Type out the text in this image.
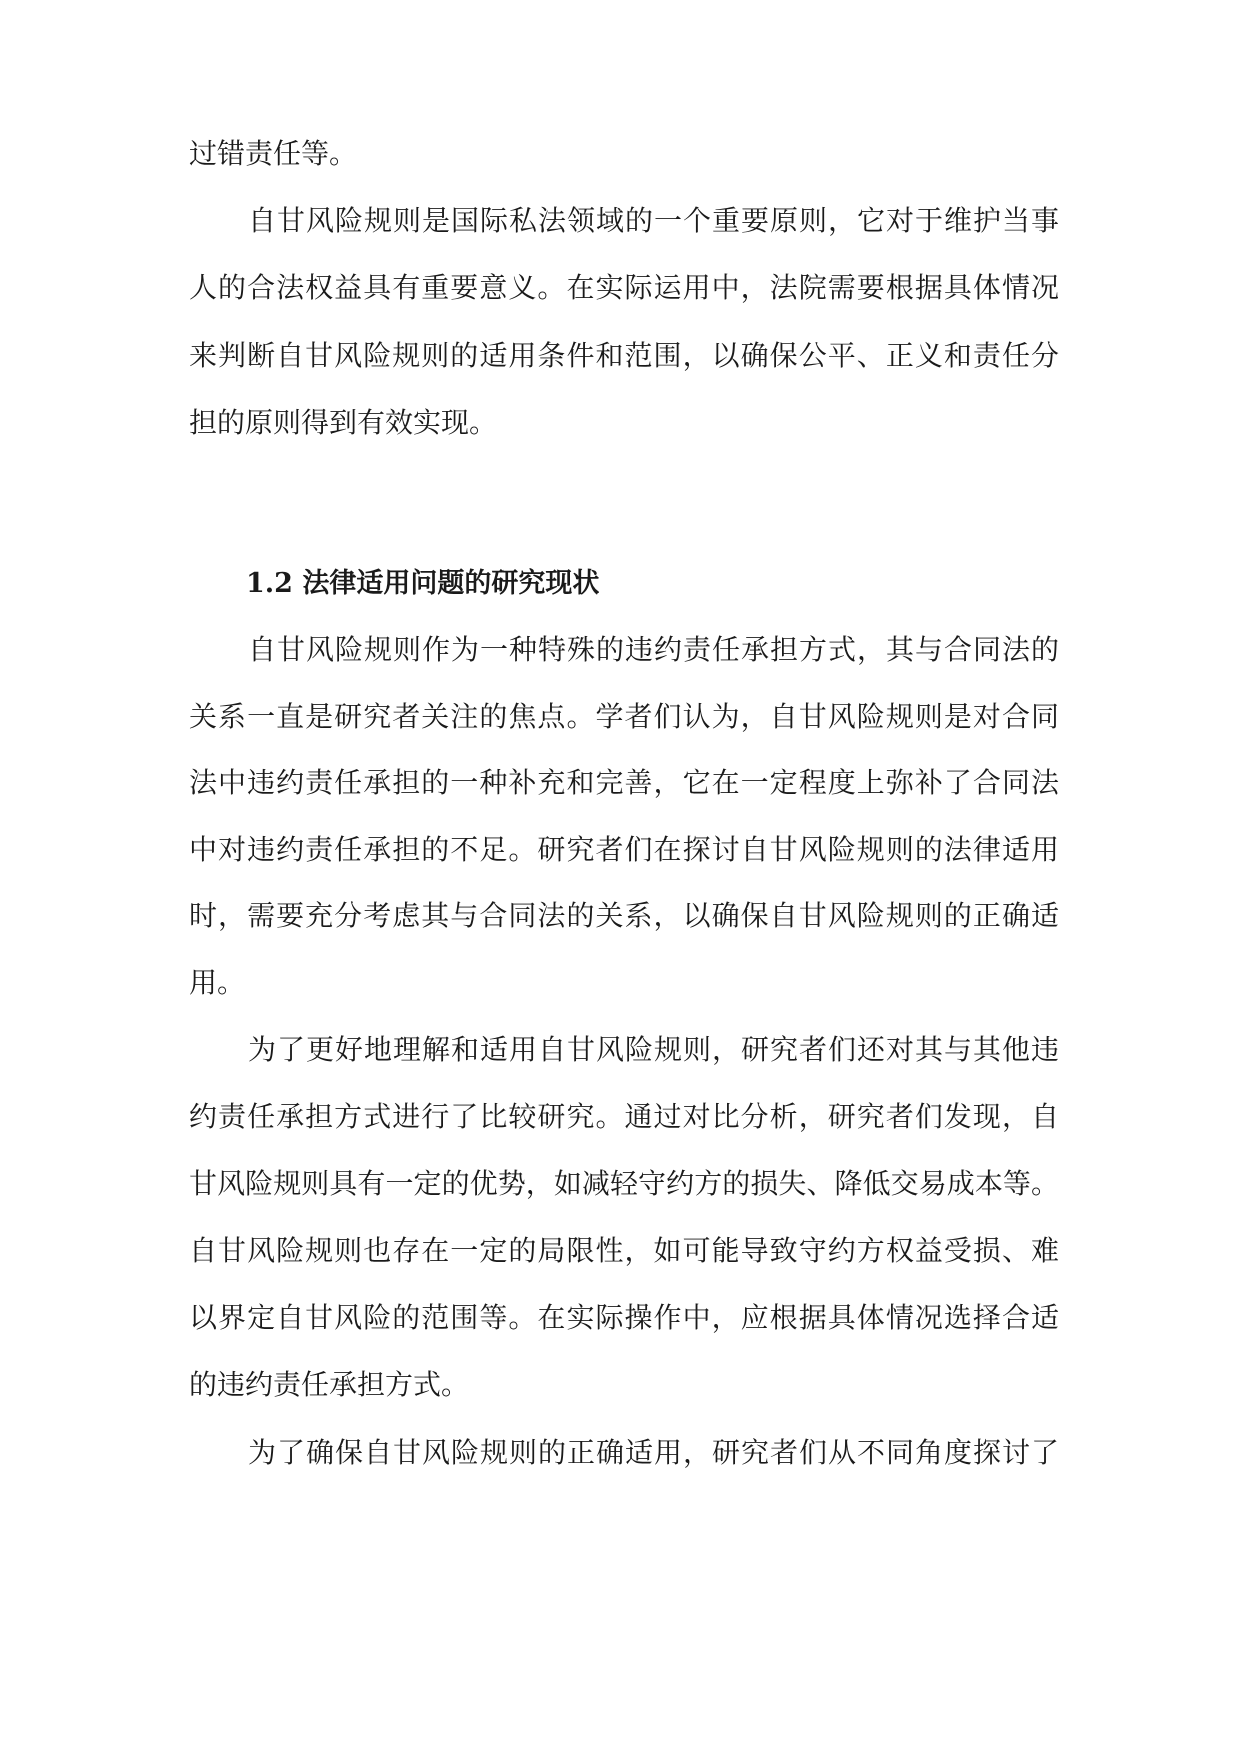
过错责任等。
自甘风险规则是国际私法领域的一个重要原则，它对于维护当事
人的合法权益具有重要意义。在实际运用中，法院需要根据具体情况
来判断自甘风险规则的适用条件和范围，以确保公平、正义和责任分
担的原则得到有效实现。
1.2 法律适用问题的研究现状
自甘风险规则作为一种特殊的违约责任承担方式，其与合同法的
关系一直是研究者关注的焦点。学者们认为，自甘风险规则是对合同
法中违约责任承担的一种补充和完善，它在一定程度上弥补了合同法
中对违约责任承担的不足。研究者们在探讨自甘风险规则的法律适用
时，需要充分考虑其与合同法的关系，以确保自甘风险规则的正确适
用。
为了更好地理解和适用自甘风险规则，研究者们还对其与其他违
约责任承担方式进行了比较研究。通过对比分析，研究者们发现，自
甘风险规则具有一定的优势，如减轻守约方的损失、降低交易成本等。
自甘风险规则也存在一定的局限性，如可能导致守约方权益受损、难
以界定自甘风险的范围等。在实际操作中，应根据具体情况选择合适
的违约责任承担方式。
为了确保自甘风险规则的正确适用，研究者们从不同角度探讨了
